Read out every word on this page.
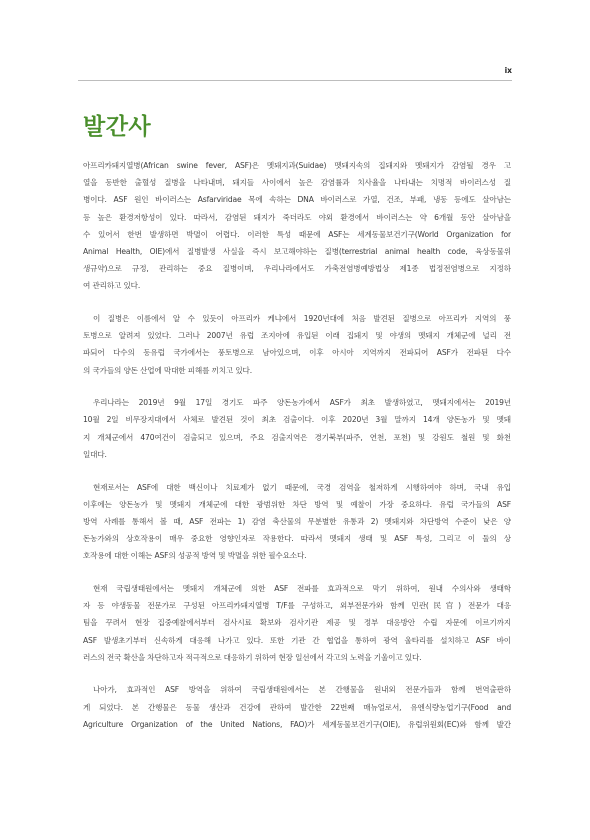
ix
발간사
아프리카돼지열병(African swine fever, ASF)은 멧돼지과(Suidae) 멧돼지속의 집돼지와 멧돼지가 감염될 경우 고
열을 동반한 출혈성 질병을 나타내며, 돼지들 사이에서 높은 감염률과 치사율을 나타내는 치명적 바이러스성 질
병이다. ASF 원인 바이러스는 Asfarviridae 목에 속하는 DNA 바이러스로 가열, 건조, 부패, 냉동 등에도 살아남는
등 높은 환경저항성이 있다. 따라서, 감염된 돼지가 죽더라도 야외 환경에서 바이러스는 약 6개월 동안 살아남을
수 있어서 한번 발생하면 박멸이 어렵다. 이러한 특성 때문에 ASF는 세계동물보건기구(World Organization for
Animal Health, OIE)에서 질병발생 사실을 즉시 보고해야하는 질병(terrestrial animal health code, 육상동물위
생규약)으로 규정, 관리하는 중요 질병이며, 우리나라에서도 가축전염병예방법상 제1종 법정전염병으로 지정하
여 관리하고 있다.
이 질병은 이름에서 알 수 있듯이 아프리카 케냐에서 1920년대에 처음 발견된 질병으로 아프리카 지역의 풍
토병으로 알려져 있었다. 그러나 2007년 유럽 조지아에 유입된 이래 집돼지 및 야생의 멧돼지 개체군에 널리 전
파되어 다수의 동유럽 국가에서는 풍토병으로 남아있으며, 이후 아시아 지역까지 전파되어 ASF가 전파된 다수
의 국가들의 양돈 산업에 막대한 피해를 끼치고 있다.
우리나라는 2019년 9월 17일 경기도 파주 양돈농가에서 ASF가 최초 발생하였고, 멧돼지에서는 2019년
10월 2일 비무장지대에서 사체로 발견된 것이 최초 검출이다. 이후 2020년 3월 말까지 14개 양돈농가 및 멧돼
지 개체군에서 470여건이 검출되고 있으며, 주요 검출지역은 경기북부(파주, 연천, 포천) 및 강원도 철원 및 화천
일대다.
현재로서는 ASF에 대한 백신이나 치료제가 없기 때문에, 국경 검역을 철저하게 시행하여야 하며, 국내 유입
이후에는 양돈농가 및 멧돼지 개체군에 대한 광범위한 차단 방역 및 예찰이 가장 중요하다. 유럽 국가들의 ASF
방역 사례를 통해서 볼 때, ASF 전파는 1) 감염 축산물의 무분별한 유통과 2) 멧돼지와 차단방역 수준이 낮은 양
돈농가와의 상호작용이 매우 중요한 영향인자로 작용한다. 따라서 멧돼지 생태 및 ASF 특성, 그리고 이 둘의 상
호작용에 대한 이해는 ASF의 성공적 방역 및 박멸을 위한 필수요소다.
현재 국립생태원에서는 멧돼지 개체군에 의한 ASF 전파를 효과적으로 막기 위하여, 원내 수의사와 생태학
자 등 야생동물 전문가로 구성된 아프리카돼지열병 T/F를 구성하고, 외부전문가와 함께 민관(民官) 전문가 대응
팀을 꾸려서 현장 집중예찰에서부터 검사시료 확보와 검사기관 제공 및 정부 대응방안 수립 자문에 이르기까지
ASF 발생초기부터 신속하게 대응해 나가고 있다. 또한 기관 간 협업을 통하여 광역 울타리를 설치하고 ASF 바이
러스의 전국 확산을 차단하고자 적극적으로 대응하기 위하여 현장 일선에서 각고의 노력을 기울이고 있다.
나아가, 효과적인 ASF 방역을 위하여 국립생태원에서는 본 간행물을 원내외 전문가들과 함께 번역출판하
게 되었다. 본 간행물은 동물 생산과 건강에 관하여 발간한 22번째 매뉴얼로서, 유엔식량농업기구(Food and
Agriculture Organization of the United Nations, FAO)가 세계동물보건기구(OIE), 유럽위원회(EC)와 함께 발간
